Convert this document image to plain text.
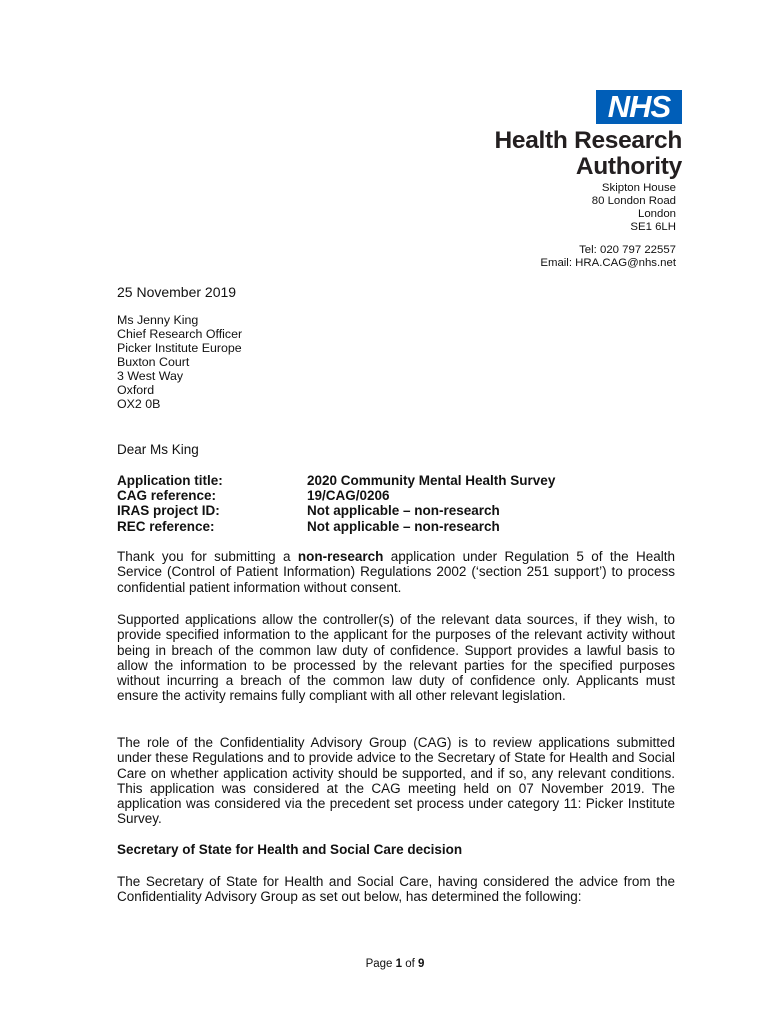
NHS
Health Research
Authority
Skipton House
80 London Road
London
SE1 6LH
Tel: 020 797 22557
Email: HRA.CAG@nhs.net
25 November 2019
Ms Jenny King
Chief Research Officer
Picker Institute Europe
Buxton Court
3 West Way
Oxford
OX2 0B
Dear Ms King
Application title:	2020 Community Mental Health Survey
CAG reference:	19/CAG/0206
IRAS project ID:	Not applicable – non-research
REC reference:	Not applicable – non-research
Thank you for submitting a non-research application under Regulation 5 of the Health Service (Control of Patient Information) Regulations 2002 (‘section 251 support’) to process confidential patient information without consent.
Supported applications allow the controller(s) of the relevant data sources, if they wish, to provide specified information to the applicant for the purposes of the relevant activity without being in breach of the common law duty of confidence. Support provides a lawful basis to allow the information to be processed by the relevant parties for the specified purposes without incurring a breach of the common law duty of confidence only. Applicants must ensure the activity remains fully compliant with all other relevant legislation.
The role of the Confidentiality Advisory Group (CAG) is to review applications submitted under these Regulations and to provide advice to the Secretary of State for Health and Social Care on whether application activity should be supported, and if so, any relevant conditions. This application was considered at the CAG meeting held on 07 November 2019. The application was considered via the precedent set process under category 11: Picker Institute Survey.
Secretary of State for Health and Social Care decision
The Secretary of State for Health and Social Care, having considered the advice from the Confidentiality Advisory Group as set out below, has determined the following:
Page 1 of 9
